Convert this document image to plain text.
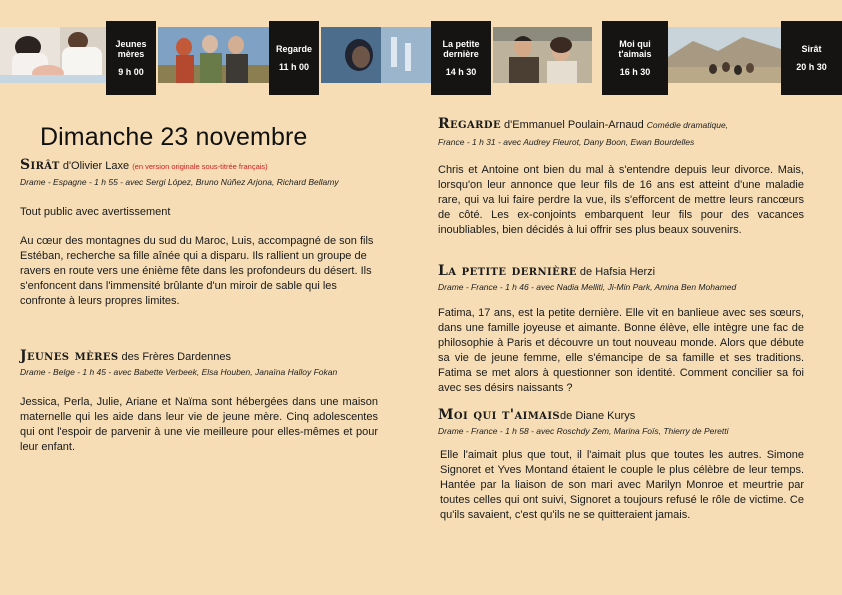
Jeunes
mères
9 h 00
Regarde
11 h 00
La petite
dernière
14 h 30
Moi qui
t'aimais
16 h 30
Sirât
20 h 30
Dimanche 23 novembre

Sirât d'Olivier Laxe (en version originale sous-titrée français)

Drame - Espagne - 1 h 55 - avec Sergi López, Bruno Núñez Arjona, Richard Bellamy

Tout public avec avertissement

Au cœur des montagnes du sud du Maroc, Luis, accompagné de son fils Estéban, recherche sa fille aînée qui a disparu. Ils rallient un groupe de ravers en route vers une énième fête dans les profondeurs du désert. Ils s'enfoncent dans l'immensité brûlante d'un miroir de sable qui les confronte à leurs propres limites.

Jeunes mères des Frères Dardennes

Drame - Belge - 1 h 45 - avec Babette Verbeek, Elsa Houben, Janaïna Halloy Fokan

Jessica, Perla, Julie, Ariane et Naïma sont hébergées dans une maison maternelle qui les aide dans leur vie de jeune mère. Cinq adolescentes qui ont l'espoir de parvenir à une vie meilleure pour elles-mêmes et pour leur enfant.

Regarde d'Emmanuel Poulain-Arnaud Comédie dramatique,

France - 1 h 31 - avec Audrey Fleurot, Dany Boon, Ewan Bourdelles

Chris et Antoine ont bien du mal à s'entendre depuis leur divorce. Mais, lorsqu'on leur annonce que leur fils de 16 ans est atteint d'une maladie rare, qui va lui faire perdre la vue, ils s'efforcent de mettre leurs rancœurs de côté. Les ex-conjoints embarquent leur fils pour des vacances inoubliables, bien décidés à lui offrir ses plus beaux souvenirs.

La petite dernière de Hafsia Herzi

Drame - France - 1 h 46 - avec Nadia Melliti, Ji-Min Park, Amina Ben Mohamed

Fatima, 17 ans, est la petite dernière. Elle vit en banlieue avec ses sœurs, dans une famille joyeuse et aimante. Bonne élève, elle intègre une fac de philosophie à Paris et découvre un tout nouveau monde. Alors que débute sa vie de jeune femme, elle s'émancipe de sa famille et ses traditions. Fatima se met alors à questionner son identité. Comment concilier sa foi avec ses désirs naissants ?

Moi qui t'aimaisde Diane Kurys

Drame - France - 1 h 58 - avec Roschdy Zem, Marina Foïs, Thierry de Peretti

Elle l'aimait plus que tout, il l'aimait plus que toutes les autres. Simone Signoret et Yves Montand étaient le couple le plus célèbre de leur temps. Hantée par la liaison de son mari avec Marilyn Monroe et meurtrie par toutes celles qui ont suivi, Signoret a toujours refusé le rôle de victime. Ce qu'ils savaient, c'est qu'ils ne se quitteraient jamais.
